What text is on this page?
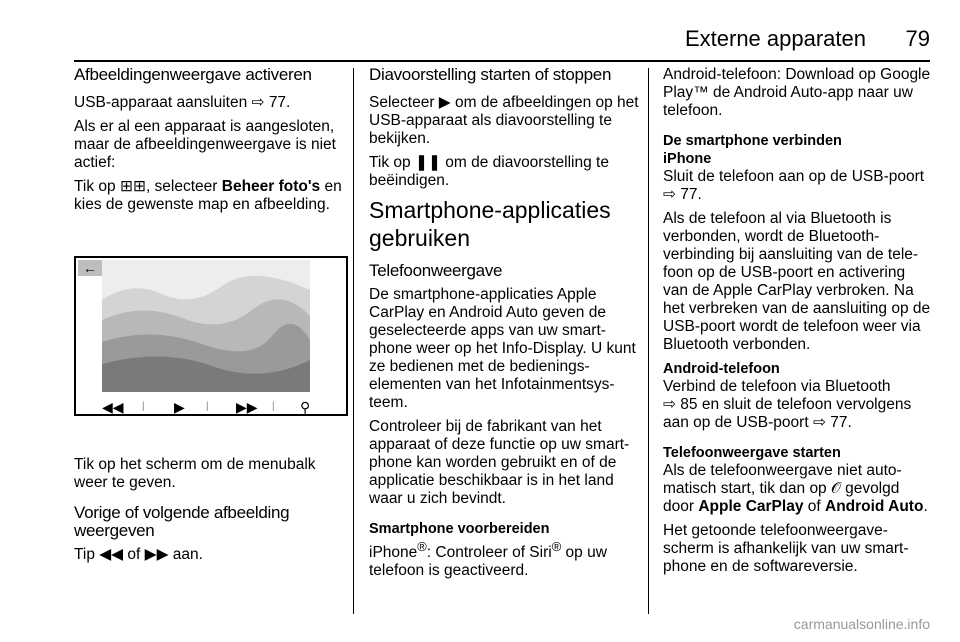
Externe apparaten 79
Afbeeldingenweergave activeren

USB-apparaat aansluiten ⇨ 77.

Als er al een apparaat is aangesloten, maar de afbeeldingenweergave is niet actief:

Tik op ⊞⊞, selecteer Beheer foto's en kies de gewenste map en afbeelding.

←
◀◀ | ▶ | ▶▶ | ⚲

Tik op het scherm om de menubalk weer te geven.

Vorige of volgende afbeelding weergeven

Tip ◀◀ of ▶▶ aan.

Diavoorstelling starten of stoppen

Selecteer ▶ om de afbeeldingen op het USB-apparaat als diavoorstelling te bekijken.

Tik op ❚❚ om de diavoorstelling te beëindigen.

Smartphone-applicaties gebruiken
Telefoonweergave

De smartphone-applicaties Apple CarPlay en Android Auto geven de geselecteerde apps van uw smart-phone weer op het Info-Display. U kunt ze bedienen met de bedienings-elementen van het Infotainmentsys-teem.

Controleer bij de fabrikant van het apparaat of deze functie op uw smart-phone kan worden gebruikt en of de applicatie beschikbaar is in het land waar u zich bevindt.

Smartphone voorbereiden

iPhone®: Controleer of Siri® op uw telefoon is geactiveerd.

Android-telefoon: Download op Google Play™ de Android Auto-app naar uw telefoon.

De smartphone verbinden
iPhone

Sluit de telefoon aan op de USB-poort ⇨ 77.

Als de telefoon al via Bluetooth is verbonden, wordt de Bluetooth-verbinding bij aansluiting van de tele-foon op de USB-poort en activering van de Apple CarPlay verbroken. Na het verbreken van de aansluiting op de USB-poort wordt de telefoon weer via Bluetooth verbonden.

Android-telefoon

Verbind de telefoon via Bluetooth
⇨ 85 en sluit de telefoon vervolgens aan op de USB-poort ⇨ 77.

Telefoonweergave starten

Als de telefoonweergave niet auto-matisch start, tik dan op 𝒪 gevolgd door Apple CarPlay of Android Auto.

Het getoonde telefoonweergave-scherm is afhankelijk van uw smart-phone en de softwareversie.

carmanualsonline.info
